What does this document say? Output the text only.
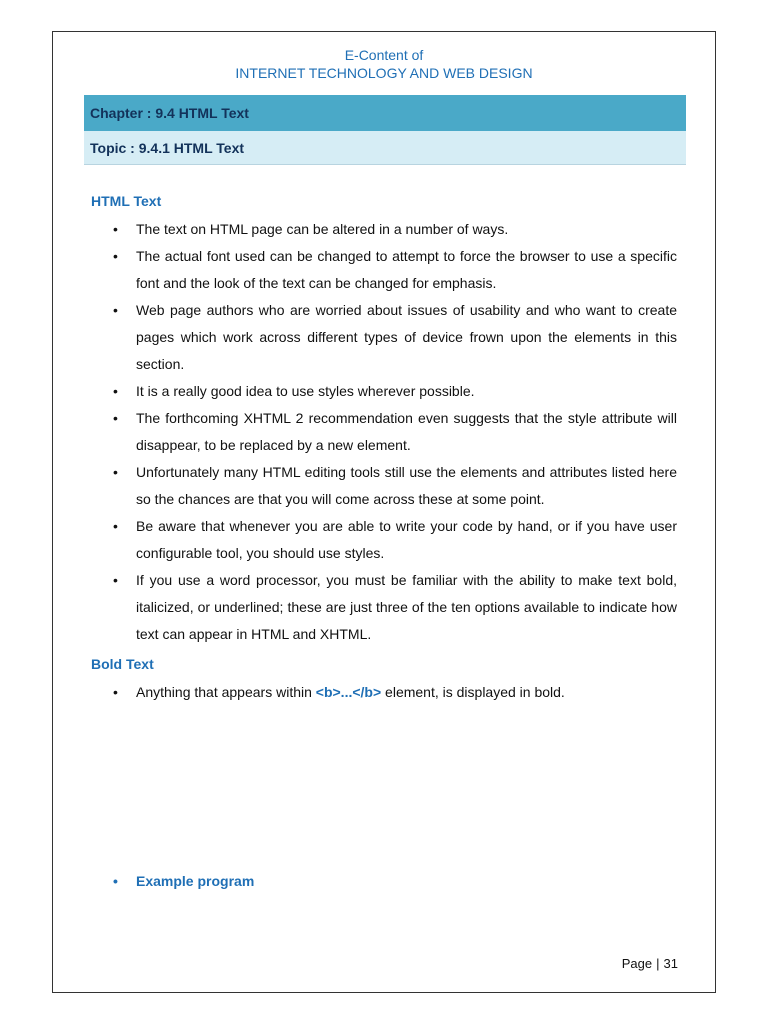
E-Content of
INTERNET TECHNOLOGY AND WEB DESIGN
Chapter : 9.4 HTML Text
Topic : 9.4.1 HTML Text
HTML Text
• The text on HTML page can be altered in a number of ways.
• The actual font used can be changed to attempt to force the browser to use a specific font and the look of the text can be changed for emphasis.
• Web page authors who are worried about issues of usability and who want to create pages which work across different types of device frown upon the elements in this section.
• It is a really good idea to use styles wherever possible.
• The forthcoming XHTML 2 recommendation even suggests that the style attribute will disappear, to be replaced by a new element.
• Unfortunately many HTML editing tools still use the elements and attributes listed here so the chances are that you will come across these at some point.
• Be aware that whenever you are able to write your code by hand, or if you have user configurable tool, you should use styles.
• If you use a word processor, you must be familiar with the ability to make text bold, italicized, or underlined; these are just three of the ten options available to indicate how text can appear in HTML and XHTML.
Bold Text
• Anything that appears within <b>...</b> element, is displayed in bold.
• Example program
Page | 31
